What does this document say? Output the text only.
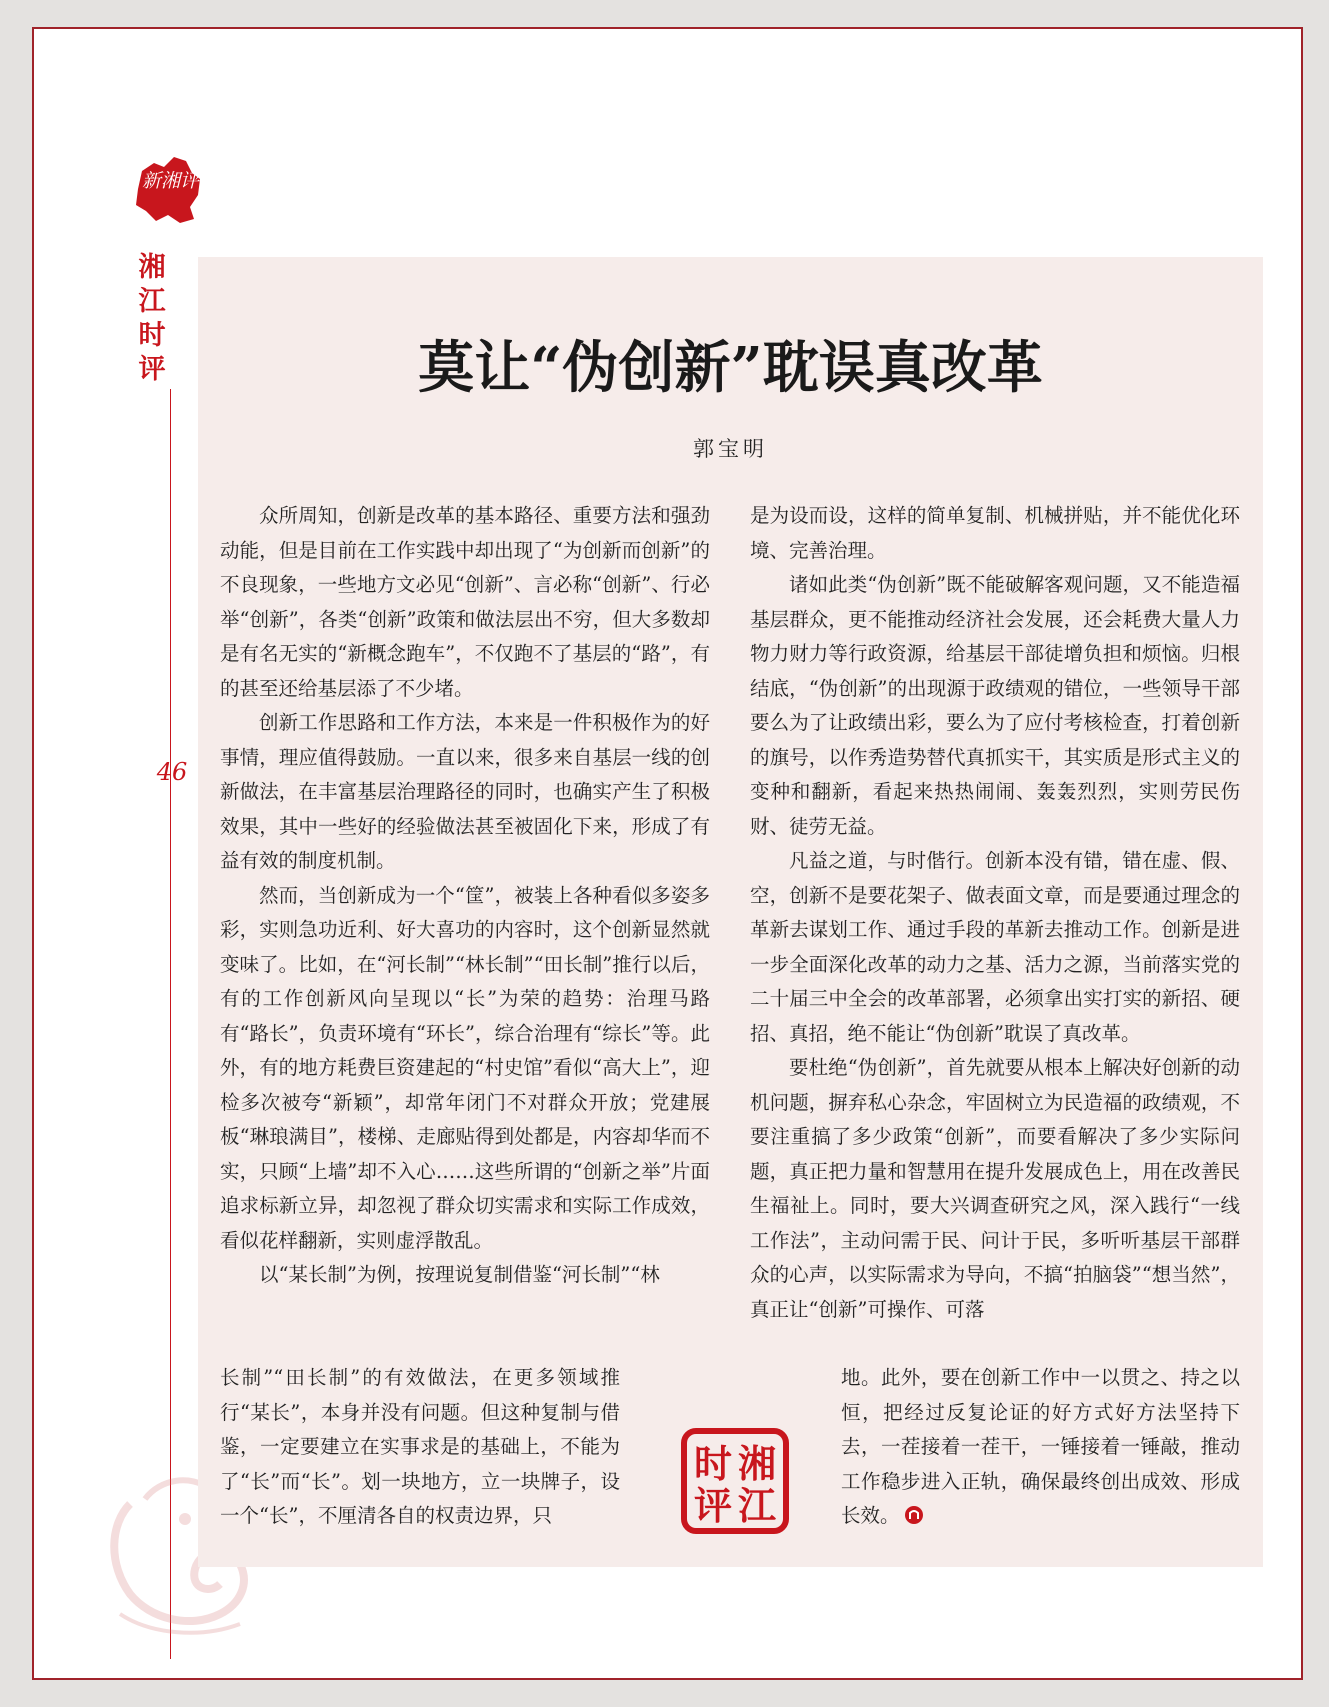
新湘评论
湘江时评
46
莫让“伪创新”耽误真改革
郭宝明

众所周知，创新是改革的基本路径、重要方法和强劲动能，但是目前在工作实践中却出现了“为创新而创新”的不良现象，一些地方文必见“创新”、言必称“创新”、行必举“创新”，各类“创新”政策和做法层出不穷，但大多数却是有名无实的“新概念跑车”，不仅跑不了基层的“路”，有的甚至还给基层添了不少堵。

创新工作思路和工作方法，本来是一件积极作为的好事情，理应值得鼓励。一直以来，很多来自基层一线的创新做法，在丰富基层治理路径的同时，也确实产生了积极效果，其中一些好的经验做法甚至被固化下来，形成了有益有效的制度机制。

然而，当创新成为一个“筐”，被装上各种看似多姿多彩，实则急功近利、好大喜功的内容时，这个创新显然就变味了。比如，在“河长制”“林长制”“田长制”推行以后，有的工作创新风向呈现以“长”为荣的趋势：治理马路有“路长”，负责环境有“环长”，综合治理有“综长”等。此外，有的地方耗费巨资建起的“村史馆”看似“高大上”，迎检多次被夸“新颖”，却常年闭门不对群众开放；党建展板“琳琅满目”，楼梯、走廊贴得到处都是，内容却华而不实，只顾“上墙”却不入心……这些所谓的“创新之举”片面追求标新立异，却忽视了群众切实需求和实际工作成效，看似花样翻新，实则虚浮散乱。

以“某长制”为例，按理说复制借鉴“河长制”“林

长制”“田长制”的有效做法，在更多领域推行“某长”，本身并没有问题。但这种复制与借鉴，一定要建立在实事求是的基础上，不能为了“长”而“长”。划一块地方，立一块牌子，设一个“长”，不厘清各自的权责边界，只

是为设而设，这样的简单复制、机械拼贴，并不能优化环境、完善治理。

诸如此类“伪创新”既不能破解客观问题，又不能造福基层群众，更不能推动经济社会发展，还会耗费大量人力物力财力等行政资源，给基层干部徒增负担和烦恼。归根结底，“伪创新”的出现源于政绩观的错位，一些领导干部要么为了让政绩出彩，要么为了应付考核检查，打着创新的旗号，以作秀造势替代真抓实干，其实质是形式主义的变种和翻新，看起来热热闹闹、轰轰烈烈，实则劳民伤财、徒劳无益。

凡益之道，与时偕行。创新本没有错，错在虚、假、空，创新不是要花架子、做表面文章，而是要通过理念的革新去谋划工作、通过手段的革新去推动工作。创新是进一步全面深化改革的动力之基、活力之源，当前落实党的二十届三中全会的改革部署，必须拿出实打实的新招、硬招、真招，绝不能让“伪创新”耽误了真改革。

要杜绝“伪创新”，首先就要从根本上解决好创新的动机问题，摒弃私心杂念，牢固树立为民造福的政绩观，不要注重搞了多少政策“创新”，而要看解决了多少实际问题，真正把力量和智慧用在提升发展成色上，用在改善民生福祉上。同时，要大兴调查研究之风，深入践行“一线工作法”，主动问需于民、问计于民，多听听基层干部群众的心声，以实际需求为导向，不搞“拍脑袋”“想当然”，真正让“创新”可操作、可落

地。此外，要在创新工作中一以贯之、持之以恒，把经过反复论证的好方式好方法坚持下去，一茬接着一茬干，一锤接着一锤敲，推动工作稳步进入正轨，确保最终创出成效、形成长效。

湘
时
江
评
